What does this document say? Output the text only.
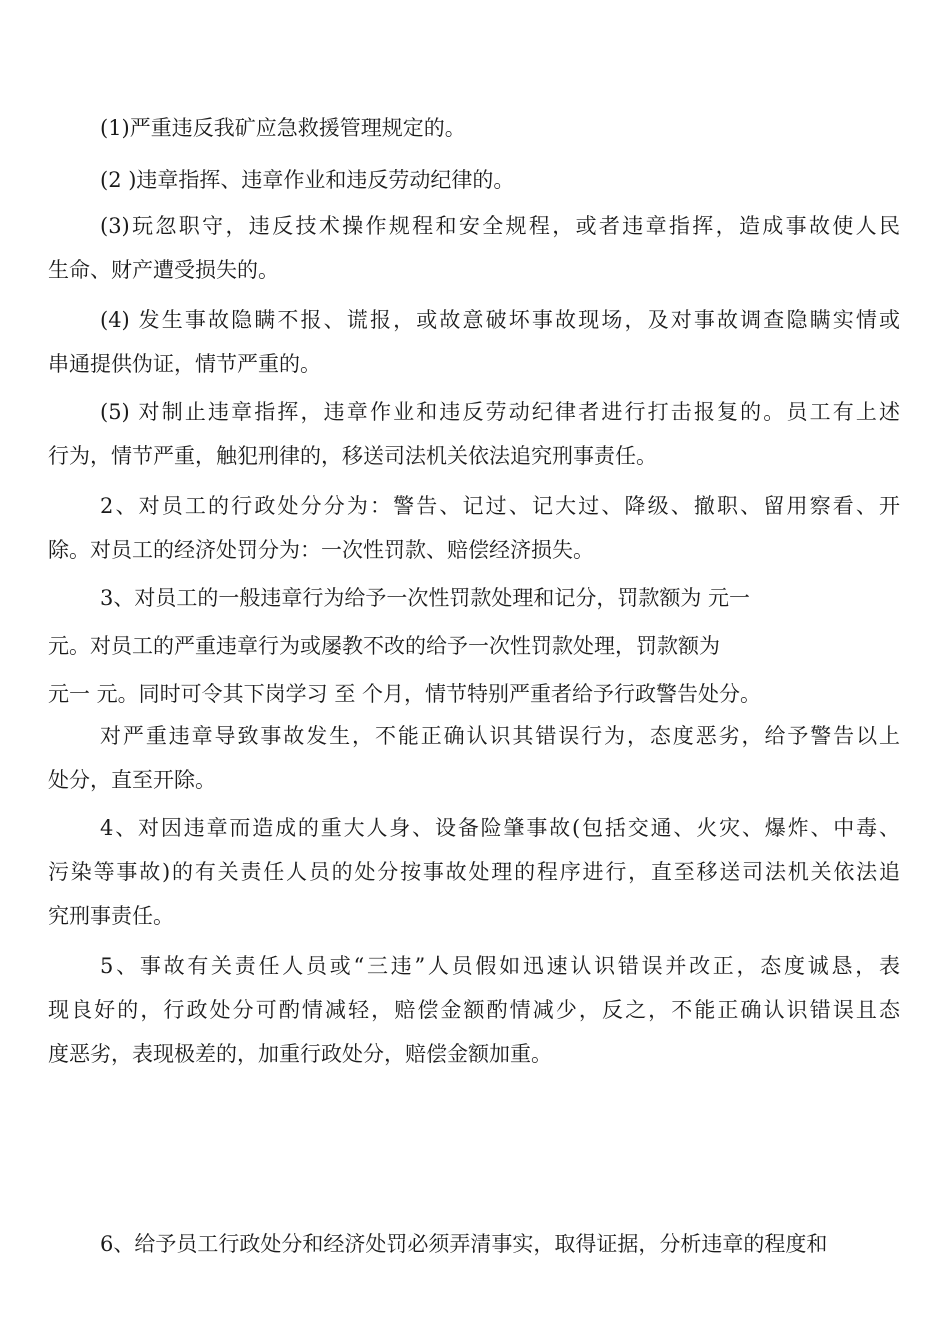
(1)严重违反我矿应急救援管理规定的。
(2 )违章指挥、违章作业和违反劳动纪律的。
(3)玩忽职守，违反技术操作规程和安全规程，或者违章指挥，造成事故使人民
生命、财产遭受损失的。
(4) 发生事故隐瞒不报、谎报，或故意破坏事故现场，及对事故调查隐瞒实情或
串通提供伪证，情节严重的。
(5) 对制止违章指挥，违章作业和违反劳动纪律者进行打击报复的。员工有上述
行为，情节严重，触犯刑律的，移送司法机关依法追究刑事责任。
2、对员工的行政处分分为：警告、记过、记大过、降级、撤职、留用察看、开
除。对员工的经济处罚分为：一次性罚款、赔偿经济损失。
3、对员工的一般违章行为给予一次性罚款处理和记分，罚款额为 元一
元。对员工的严重违章行为或屡教不改的给予一次性罚款处理，罚款额为
元一 元。同时可令其下岗学习 至 个月，情节特别严重者给予行政警告处分。
对严重违章导致事故发生，不能正确认识其错误行为，态度恶劣，给予警告以上
处分，直至开除。
4、对因违章而造成的重大人身、设备险肇事故(包括交通、火灾、爆炸、中毒、
污染等事故)的有关责任人员的处分按事故处理的程序进行，直至移送司法机关依法追
究刑事责任。
5、事故有关责任人员或“三违”人员假如迅速认识错误并改正，态度诚恳，表
现良好的，行政处分可酌情减轻，赔偿金额酌情减少，反之，不能正确认识错误且态
度恶劣，表现极差的，加重行政处分，赔偿金额加重。
6、给予员工行政处分和经济处罚必须弄清事实，取得证据，分析违章的程度和
